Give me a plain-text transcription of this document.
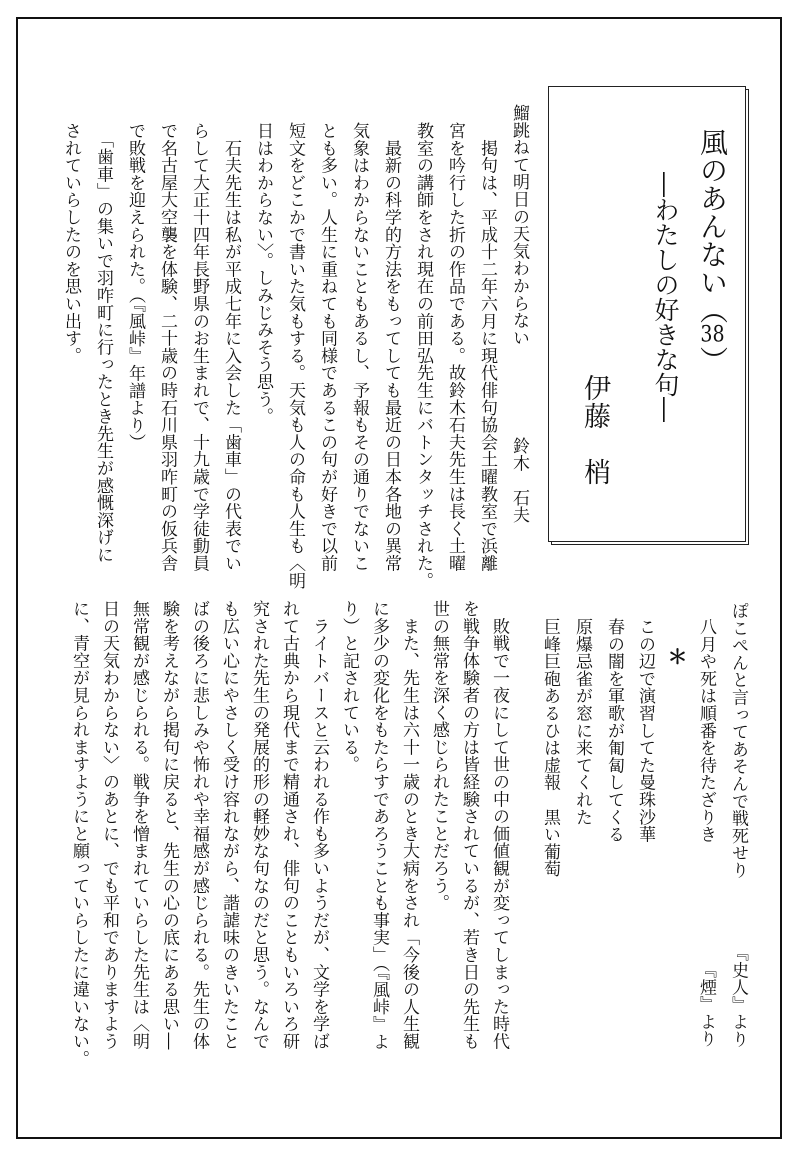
風のあんない（38）
―わたしの好きな句―
伊藤　梢
鰡跳ねて明日の天気わからない
鈴木　石夫
　掲句は、平成十二年六月に現代俳句協会土曜教室で浜離
宮を吟行した折の作品である。故鈴木石夫先生は長く土曜
教室の講師をされ現在の前田弘先生にバトンタッチされた。
　最新の科学的方法をもってしても最近の日本各地の異常
気象はわからないこともあるし、予報もその通りでないこ
とも多い。人生に重ねても同様であるこの句が好きで以前
短文をどこかで書いた気もする。天気も人の命も人生も〈明
日はわからない〉。しみじみそう思う。
　石夫先生は私が平成七年に入会した「歯車」の代表でい
らして大正十四年長野県のお生まれで、十九歳で学徒動員
で名古屋大空襲を体験、二十歳の時石川県羽咋町の仮兵舎
で敗戦を迎えられた。（『風峠』年譜より）
　「歯車」の集いで羽咋町に行ったとき先生が感慨深げに
されていらしたのを思い出す。
ぽこぺんと言ってあそんで戦死せり
『史人』より
八月や死は順番を待たざりき
『煙』より
＊
この辺で演習してた曼珠沙華
春の闇を軍歌が匍匐してくる
原爆忌雀が窓に来てくれた
巨峰巨砲あるひは虚報　黒い葡萄
　敗戦で一夜にして世の中の価値観が変ってしまった時代
を戦争体験者の方は皆経験されているが、若き日の先生も
世の無常を深く感じられたことだろう。
　また、先生は六十一歳のとき大病をされ「今後の人生観
に多少の変化をもたらすであろうことも事実」（『風峠』よ
り）と記されている。
　ライトバースと云われる作も多いようだが、文学を学ば
れて古典から現代まで精通され、俳句のこともいろいろ研
究された先生の発展的形の軽妙な句なのだと思う。なんで
も広い心にやさしく受け容れながら、諧謔味のきいたこと
ばの後ろに悲しみや怖れや幸福感が感じられる。先生の体
験を考えながら掲句に戻ると、先生の心の底にある思い―
無常観が感じられる。戦争を憎まれていらした先生は〈明
日の天気わからない〉のあとに、でも平和でありますよう
に、青空が見られますようにと願っていらしたに違いない。
